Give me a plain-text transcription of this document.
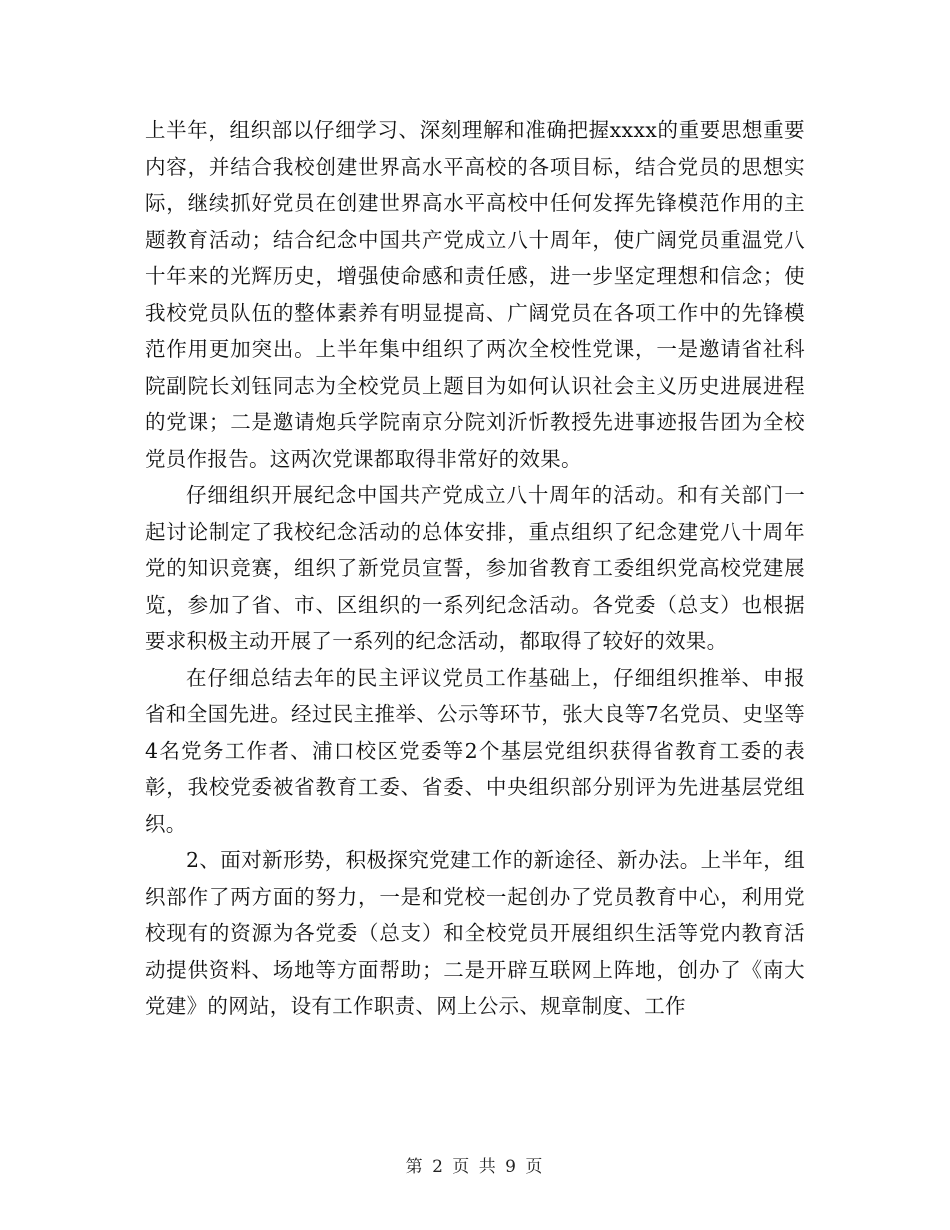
上半年，组织部以仔细学习、深刻理解和准确把握xxxx的重要思想重要内容，并结合我校创建世界高水平高校的各项目标，结合党员的思想实际，继续抓好党员在创建世界高水平高校中任何发挥先锋模范作用的主题教育活动；结合纪念中国共产党成立八十周年，使广阔党员重温党八十年来的光辉历史，增强使命感和责任感，进一步坚定理想和信念；使我校党员队伍的整体素养有明显提高、广阔党员在各项工作中的先锋模范作用更加突出。上半年集中组织了两次全校性党课，一是邀请省社科院副院长刘钰同志为全校党员上题目为如何认识社会主义历史进展进程的党课；二是邀请炮兵学院南京分院刘沂忻教授先进事迹报告团为全校党员作报告。这两次党课都取得非常好的效果。

仔细组织开展纪念中国共产党成立八十周年的活动。和有关部门一起讨论制定了我校纪念活动的总体安排，重点组织了纪念建党八十周年党的知识竞赛，组织了新党员宣誓，参加省教育工委组织党高校党建展览，参加了省、市、区组织的一系列纪念活动。各党委（总支）也根据要求积极主动开展了一系列的纪念活动，都取得了较好的效果。

在仔细总结去年的民主评议党员工作基础上，仔细组织推举、申报省和全国先进。经过民主推举、公示等环节，张大良等7名党员、史坚等4名党务工作者、浦口校区党委等2个基层党组织获得省教育工委的表彰，我校党委被省教育工委、省委、中央组织部分别评为先进基层党组织。

2、面对新形势，积极探究党建工作的新途径、新办法。上半年，组织部作了两方面的努力，一是和党校一起创办了党员教育中心，利用党校现有的资源为各党委（总支）和全校党员开展组织生活等党内教育活动提供资料、场地等方面帮助；二是开辟互联网上阵地，创办了《南大党建》的网站，设有工作职责、网上公示、规章制度、工作

第 2 页 共 9 页
